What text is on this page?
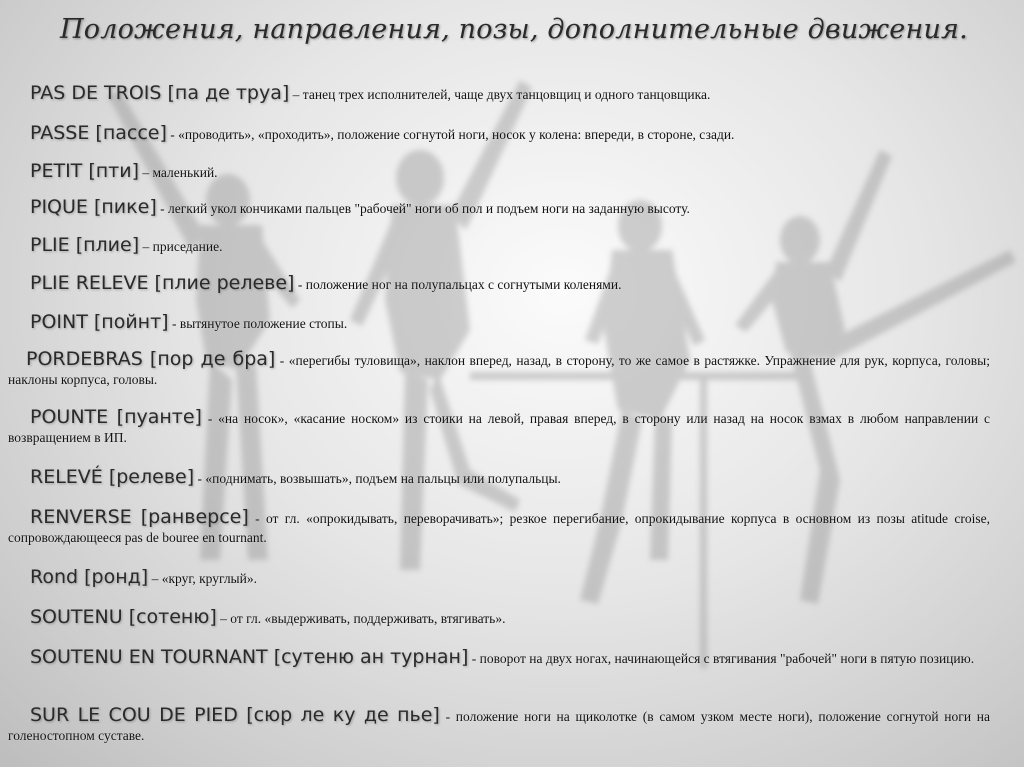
Положения, направления, позы, дополнительные движения.
PAS DE TROIS [па де труа] – танец трех исполнителей, чаще двух танцовщиц и одного танцовщика.
PASSE [пассе] - «проводить», «проходить», положение согнутой ноги, носок у колена: впереди, в стороне, сзади.
PETIT [пти] – маленький.
PIQUE [пике] - легкий укол кончиками пальцев "рабочей" ноги об пол и подъем ноги на заданную высоту.
PLIE [плие] – приседание.
PLIE RELEVE [плие релеве] - положение ног на полупальцах с согнутыми коленями.
POINT [пойнт] - вытянутое положение стопы.
PORDEBRAS [пор де бра] - «перегибы туловища», наклон вперед, назад, в сторону, то же самое в растяжке. Упражнение для рук, корпуса, головы; наклоны корпуса, головы.
POUNTE [пуанте] - «на носок», «касание носком» из стоики на левой, правая вперед, в сторону или назад на носок взмах в любом направлении с возвращением в ИП.
RELEVÉ [релеве] - «поднимать, возвышать», подъем на пальцы или полупальцы.
RENVERSE [ранверсе] - от гл. «опрокидывать, переворачивать»; резкое перегибание, опрокидывание корпуса в основном из позы atitude croise, сопровождающееся pas de bourее en tournant.
Rond [ронд] – «круг, круглый».
SOUTENU [сотеню] – от гл. «выдерживать, поддерживать, втягивать».
SOUTENU EN TOURNANT [сутеню ан турнан] - поворот на двух ногах, начинающейся с втягивания "рабочей" ноги в пятую позицию.
SUR LE COU DE PIED [сюр ле ку де пье] - положение ноги на щиколотке (в самом узком месте ноги), положение согнутой ноги на голеностопном суставе.
